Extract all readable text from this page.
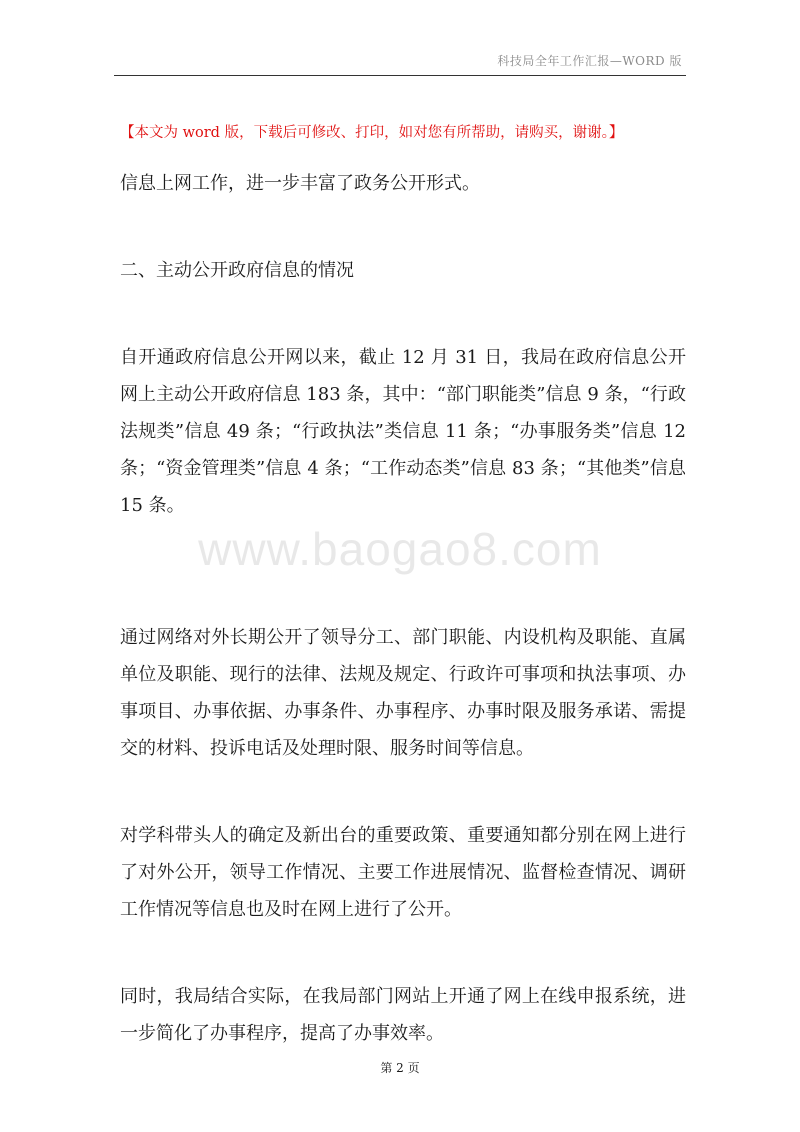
科技局全年工作汇报—WORD 版
【本文为 word 版，下载后可修改、打印，如对您有所帮助，请购买，谢谢。】

信息上网工作，进一步丰富了政务公开形式。

二、主动公开政府信息的情况

自开通政府信息公开网以来，截止 12 月 31 日，我局在政府信息公开网上主动公开政府信息 183 条，其中：“部门职能类”信息 9 条，“行政法规类”信息 49 条；“行政执法”类信息 11 条；“办事服务类”信息 12 条；“资金管理类”信息 4 条；“工作动态类”信息 83 条；“其他类”信息 15 条。

通过网络对外长期公开了领导分工、部门职能、内设机构及职能、直属单位及职能、现行的法律、法规及规定、行政许可事项和执法事项、办事项目、办事依据、办事条件、办事程序、办事时限及服务承诺、需提交的材料、投诉电话及处理时限、服务时间等信息。

对学科带头人的确定及新出台的重要政策、重要通知都分别在网上进行了对外公开，领导工作情况、主要工作进展情况、监督检查情况、调研工作情况等信息也及时在网上进行了公开。

同时，我局结合实际，在我局部门网站上开通了网上在线申报系统，进一步简化了办事程序，提高了办事效率。

www.baogao8.com
第 2 页
